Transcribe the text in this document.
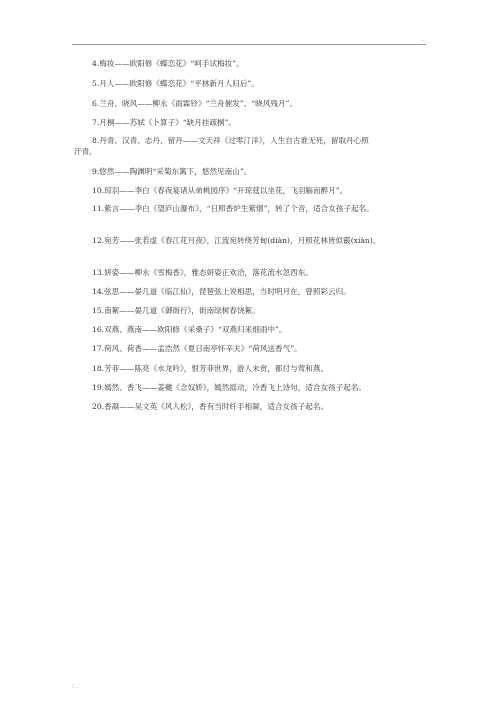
.
4.梅妆——欧阳修《蝶恋花》“呵手试梅妆”。
5.月人——欧阳修《蝶恋花》“平林新月人归后”。
6.兰舟、晓风——柳永《雨霖铃》“兰舟催发”、“晓风残月”。
7.月桐——苏轼《卜算子》“缺月挂疏桐”。
8.丹青、汉青、志丹、留丹——文天祥《过零汀洋》，人生自古谁无死，留取丹心照
汗青。
9.悠然——陶渊明“采菊东篱下，悠然见南山”。
10.琼羽——李白《春夜宴诸从弟桃园序》“开琼莛以坐花，飞羽觞而醉月”。
11.紫言——李白《望庐山瀑布》，“日照香炉生紫烟”，转了个音，适合女孩子起名。
12.宛芳——张若虚《春江花月夜》，江流宛转绕芳甸(diàn)，月照花林皆似霰(xiàn)。
13.妍姿——柳永《雪梅香》，雅态妍姿正欢洽，落花流水忽西东。
14.弦思——晏几道《临江仙》，琵琶弦上说相思，当时明月在，曾照彩云归。
15.南絮——晏几道《御街行》，街南绿树春饶絮。
16.双燕、燕南——欧阳修《采桑子》“双燕归来细雨中”。
17.荷风、荷香——孟浩然《夏日南亭怀辛夫》“荷风送香气”。
18.芳菲——陈亮《水龙吟》，恨芳菲世界，游人未赏，都付与莺和燕。
19.嫣然、香飞——姜夔《念奴娇》，嫣然摇动，冷香飞上诗句，适合女孩子起名。
20.香凝——吴文英《风人松》，香有当时纤手相凝，适合女孩子起名。
: .
